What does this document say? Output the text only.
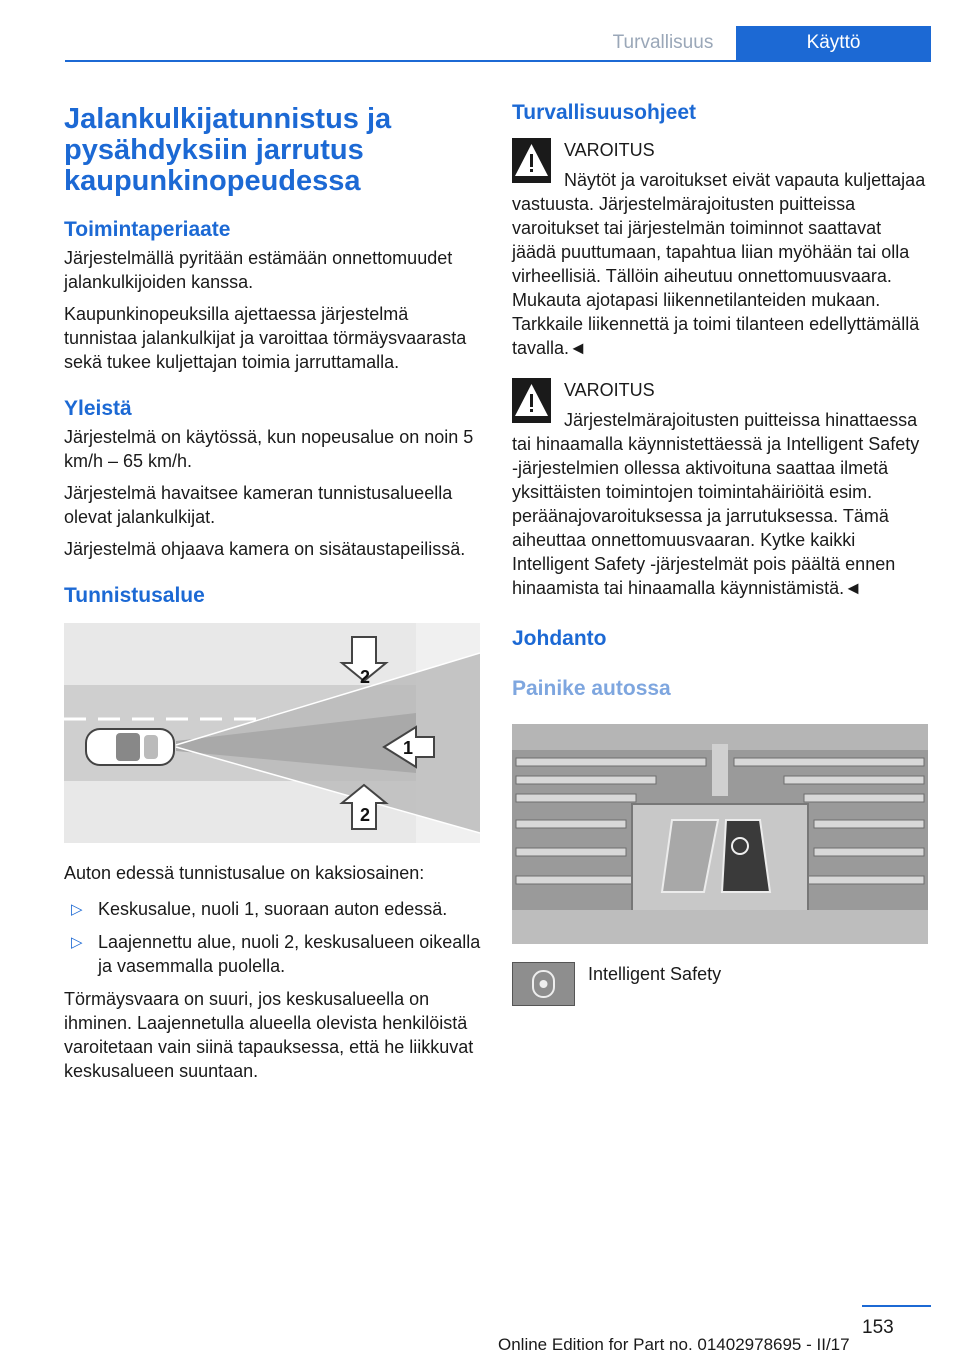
Turvallisuus	Käyttö
Jalankulkijatunnistus ja pysähdyksiin jarrutus kaupunkinopeudessa
Toimintaperiaate

Järjestelmällä pyritään estämään onnettomuudet jalankulkijoiden kanssa.

Kaupunkinopeuksilla ajettaessa järjestelmä tunnistaa jalankulkijat ja varoittaa törmäysvaarasta sekä tukee kuljettajan toimia jarruttamalla.

Yleistä

Järjestelmä on käytössä, kun nopeusalue on noin 5 km/h – 65 km/h.

Järjestelmä havaitsee kameran tunnistusalueella olevat jalankulkijat.

Järjestelmä ohjaava kamera on sisätaustapeilissä.

Tunnistusalue
1
2
2

Auton edessä tunnistusalue on kaksiosainen:

▷ Keskusalue, nuoli 1, suoraan auton edessä.
▷ Laajennettu alue, nuoli 2, keskusalueen oikealla ja vasemmalla puolella.

Törmäysvaara on suuri, jos keskusalueella on ihminen. Laajennetulla alueella olevista henkilöistä varoitetaan vain siinä tapauksessa, että he liikkuvat keskusalueen suuntaan.

Turvallisuusohjeet
VAROITUS

Näytöt ja varoitukset eivät vapauta kuljettajaa vastuusta. Järjestelmärajoitusten puitteissa varoitukset tai järjestelmän toiminnot saattavat jäädä puuttumaan, tapahtua liian myöhään tai olla virheellisiä. Tällöin aiheutuu onnettomuusvaara. Mukauta ajotapasi liikennetilanteiden mukaan. Tarkkaile liikennettä ja toimi tilanteen edellyttämällä tavalla.◄

VAROITUS

Järjestelmärajoitusten puitteissa hinattaessa tai hinaamalla käynnistettäessä ja Intelligent Safety -järjestelmien ollessa aktivoituna saattaa ilmetä yksittäisten toimintojen toimintahäiriöitä esim. peräänajovaroituksessa ja jarrutuksessa. Tämä aiheuttaa onnettomuusvaaran. Kytke kaikki Intelligent Safety -järjestelmät pois päältä ennen hinaamista tai hinaamalla käynnistämistä.◄

Johdanto
Painike autossa
Intelligent Safety
153
Online Edition for Part no. 01402978695 - II/17
